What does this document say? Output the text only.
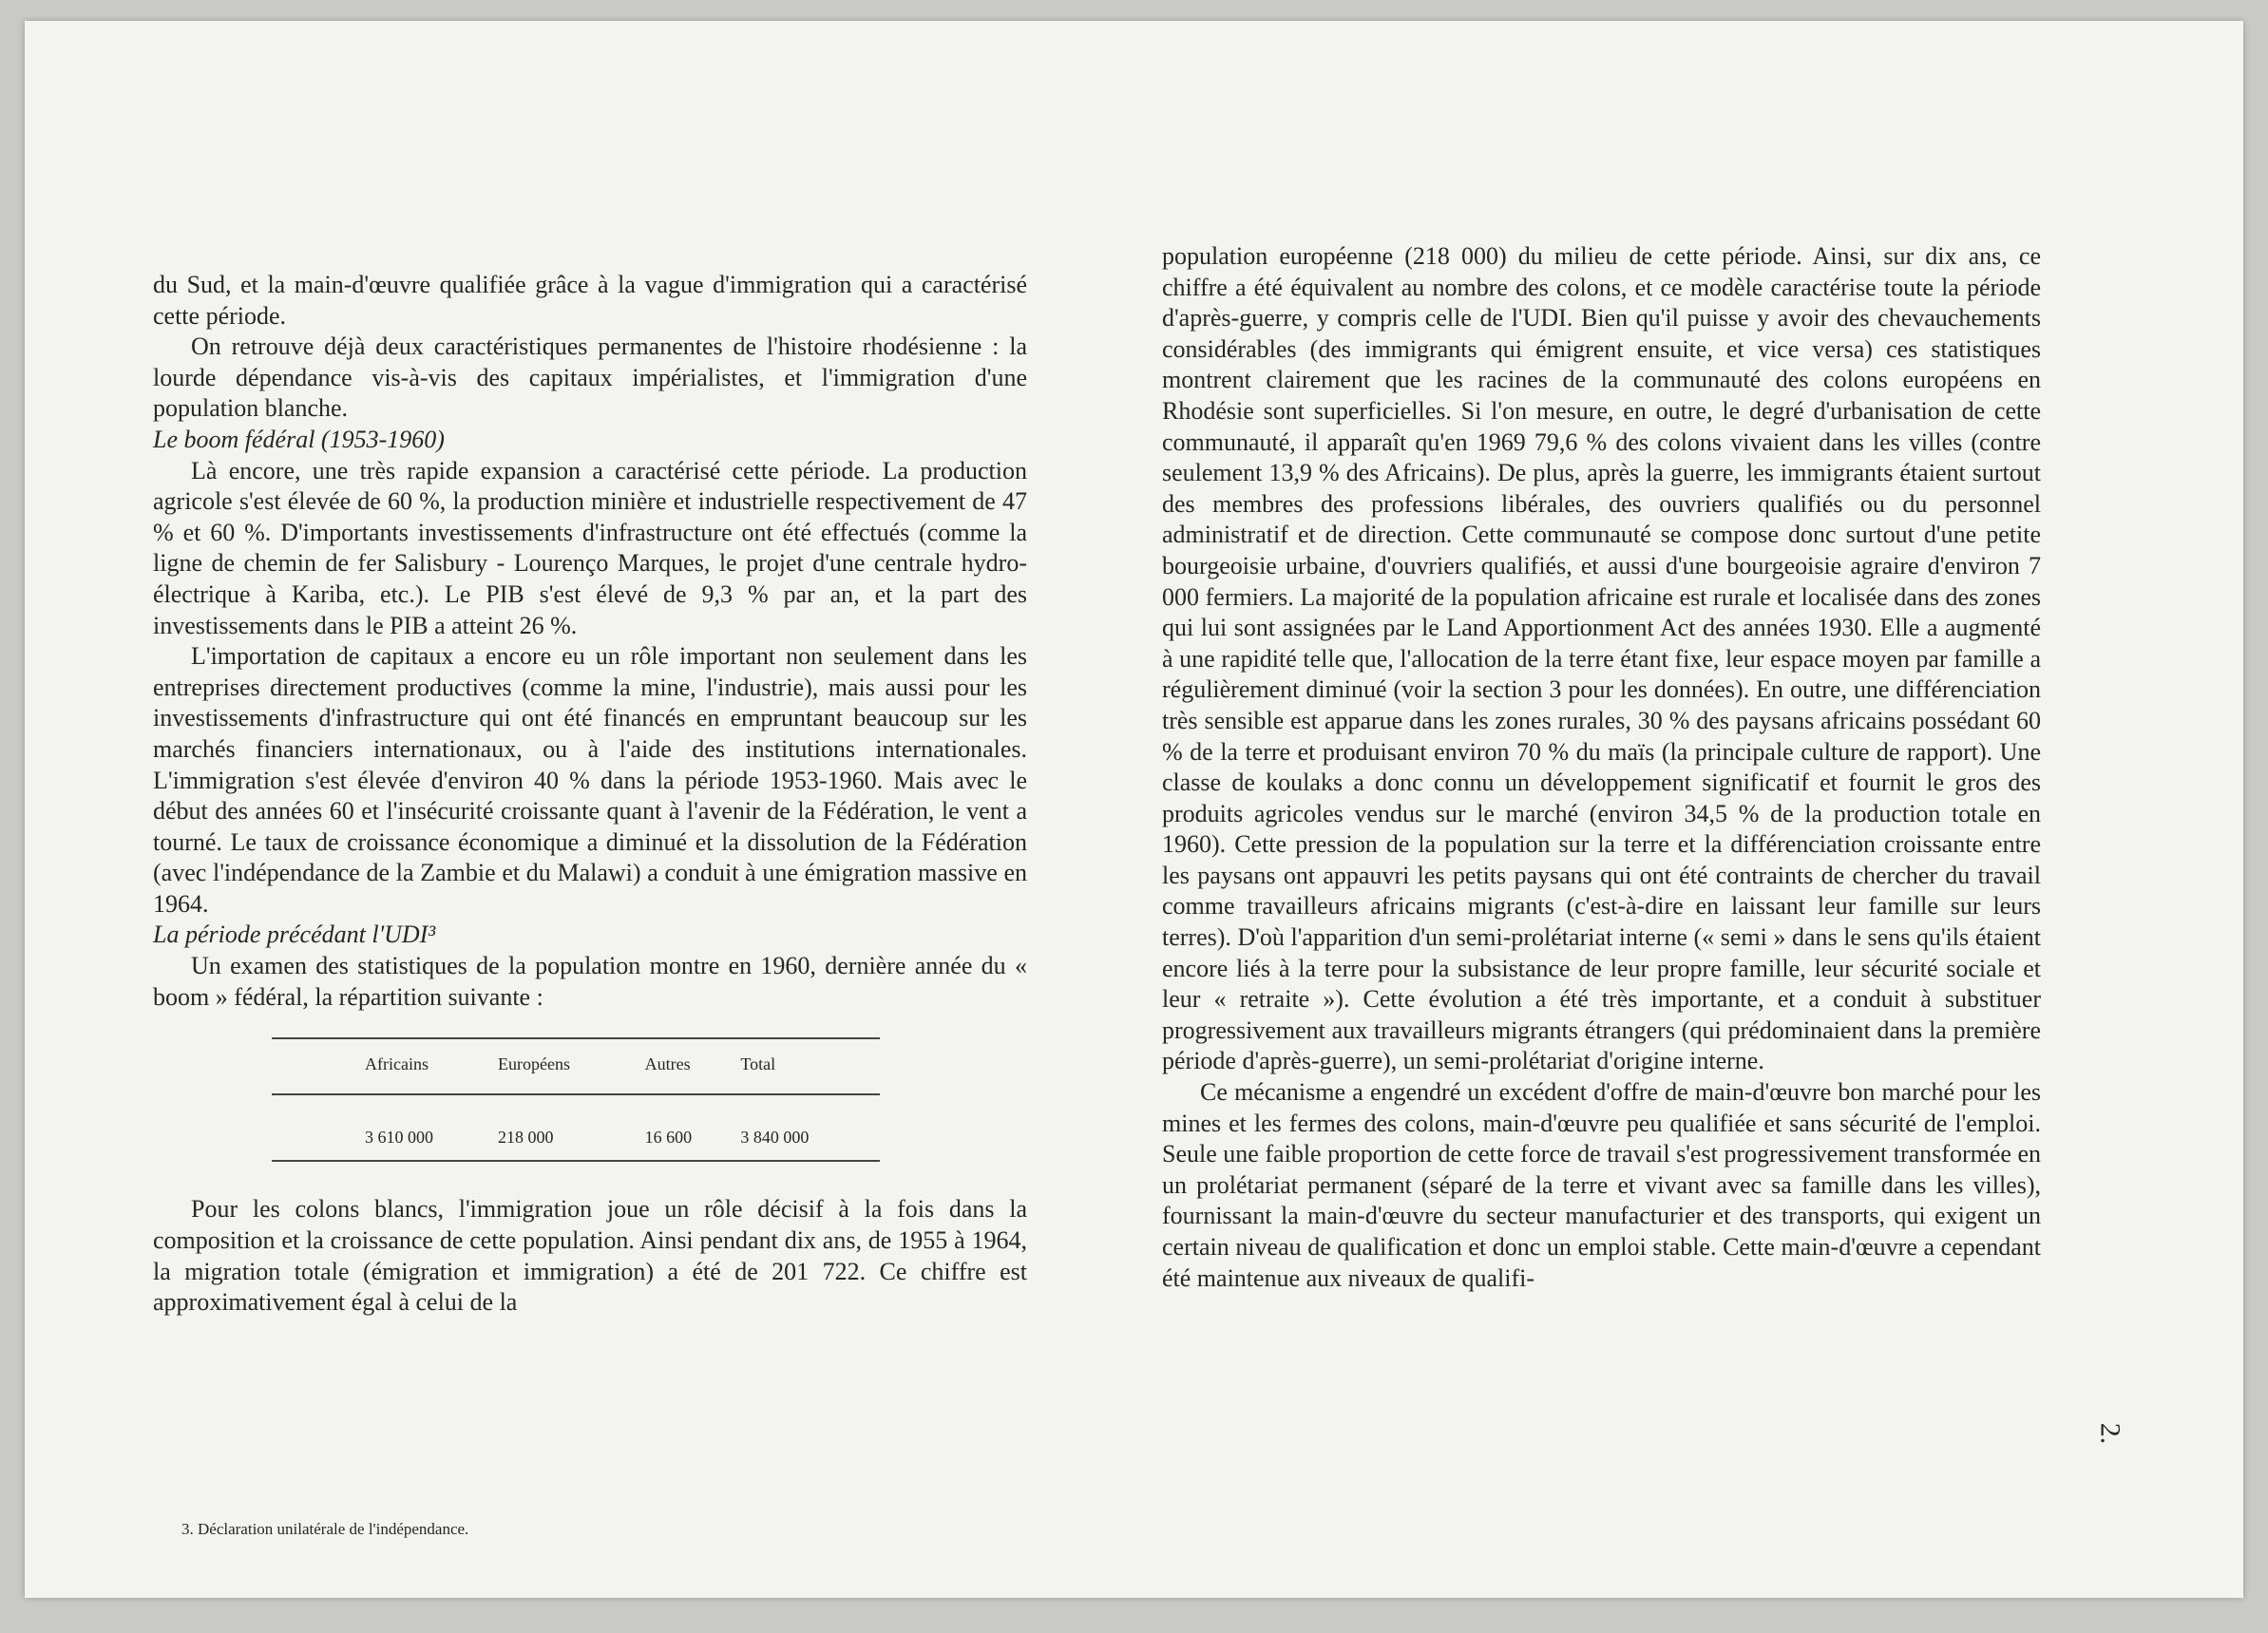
du Sud, et la main-d'œuvre qualifiée grâce à la vague d'immigration qui a caractérisé cette période.

On retrouve déjà deux caractéristiques permanentes de l'histoire rhodésienne : la lourde dépendance vis-à-vis des capitaux impérialistes, et l'immigration d'une population blanche.

Le boom fédéral (1953-1960)

Là encore, une très rapide expansion a caractérisé cette période. La production agricole s'est élevée de 60 %, la production minière et industrielle respectivement de 47 % et 60 %. D'importants investissements d'infrastructure ont été effectués (comme la ligne de chemin de fer Salisbury - Lourenço Marques, le projet d'une centrale hydro-électrique à Kariba, etc.). Le PIB s'est élevé de 9,3 % par an, et la part des investissements dans le PIB a atteint 26 %.

L'importation de capitaux a encore eu un rôle important non seulement dans les entreprises directement productives (comme la mine, l'industrie), mais aussi pour les investissements d'infrastructure qui ont été financés en empruntant beaucoup sur les marchés financiers internationaux, ou à l'aide des institutions internationales. L'immigration s'est élevée d'environ 40 % dans la période 1953-1960. Mais avec le début des années 60 et l'insécurité croissante quant à l'avenir de la Fédération, le vent a tourné. Le taux de croissance économique a diminué et la dissolution de la Fédération (avec l'indépendance de la Zambie et du Malawi) a conduit à une émigration massive en 1964.

La période précédant l'UDI³

Un examen des statistiques de la population montre en 1960, dernière année du « boom » fédéral, la répartition suivante :

Africains	Européens	Autres	Total
3 610 000	218 000	16 600	3 840 000

Pour les colons blancs, l'immigration joue un rôle décisif à la fois dans la composition et la croissance de cette population. Ainsi pendant dix ans, de 1955 à 1964, la migration totale (émigration et immigration) a été de 201 722. Ce chiffre est approximativement égal à celui de la

3. Déclaration unilatérale de l'indépendance.

population européenne (218 000) du milieu de cette période. Ainsi, sur dix ans, ce chiffre a été équivalent au nombre des colons, et ce modèle caractérise toute la période d'après-guerre, y compris celle de l'UDI. Bien qu'il puisse y avoir des chevauchements considérables (des immigrants qui émigrent ensuite, et vice versa) ces statistiques montrent clairement que les racines de la communauté des colons européens en Rhodésie sont superficielles. Si l'on mesure, en outre, le degré d'urbanisation de cette communauté, il apparaît qu'en 1969 79,6 % des colons vivaient dans les villes (contre seulement 13,9 % des Africains). De plus, après la guerre, les immigrants étaient surtout des membres des professions libérales, des ouvriers qualifiés ou du personnel administratif et de direction. Cette communauté se compose donc surtout d'une petite bourgeoisie urbaine, d'ouvriers qualifiés, et aussi d'une bourgeoisie agraire d'environ 7 000 fermiers. La majorité de la population africaine est rurale et localisée dans des zones qui lui sont assignées par le Land Apportionment Act des années 1930. Elle a augmenté à une rapidité telle que, l'allocation de la terre étant fixe, leur espace moyen par famille a régulièrement diminué (voir la section 3 pour les données). En outre, une différenciation très sensible est apparue dans les zones rurales, 30 % des paysans africains possédant 60 % de la terre et produisant environ 70 % du maïs (la principale culture de rapport). Une classe de koulaks a donc connu un développement significatif et fournit le gros des produits agricoles vendus sur le marché (environ 34,5 % de la production totale en 1960). Cette pression de la population sur la terre et la différenciation croissante entre les paysans ont appauvri les petits paysans qui ont été contraints de chercher du travail comme travailleurs africains migrants (c'est-à-dire en laissant leur famille sur leurs terres). D'où l'apparition d'un semi-prolétariat interne (« semi » dans le sens qu'ils étaient encore liés à la terre pour la subsistance de leur propre famille, leur sécurité sociale et leur « retraite »). Cette évolution a été très importante, et a conduit à substituer progressivement aux travailleurs migrants étrangers (qui prédominaient dans la première période d'après-guerre), un semi-prolétariat d'origine interne.

Ce mécanisme a engendré un excédent d'offre de main-d'œuvre bon marché pour les mines et les fermes des colons, main-d'œuvre peu qualifiée et sans sécurité de l'emploi. Seule une faible proportion de cette force de travail s'est progressivement transformée en un prolétariat permanent (séparé de la terre et vivant avec sa famille dans les villes), fournissant la main-d'œuvre du secteur manufacturier et des transports, qui exigent un certain niveau de qualification et donc un emploi stable. Cette main-d'œuvre a cependant été maintenue aux niveaux de qualifi-

2.
